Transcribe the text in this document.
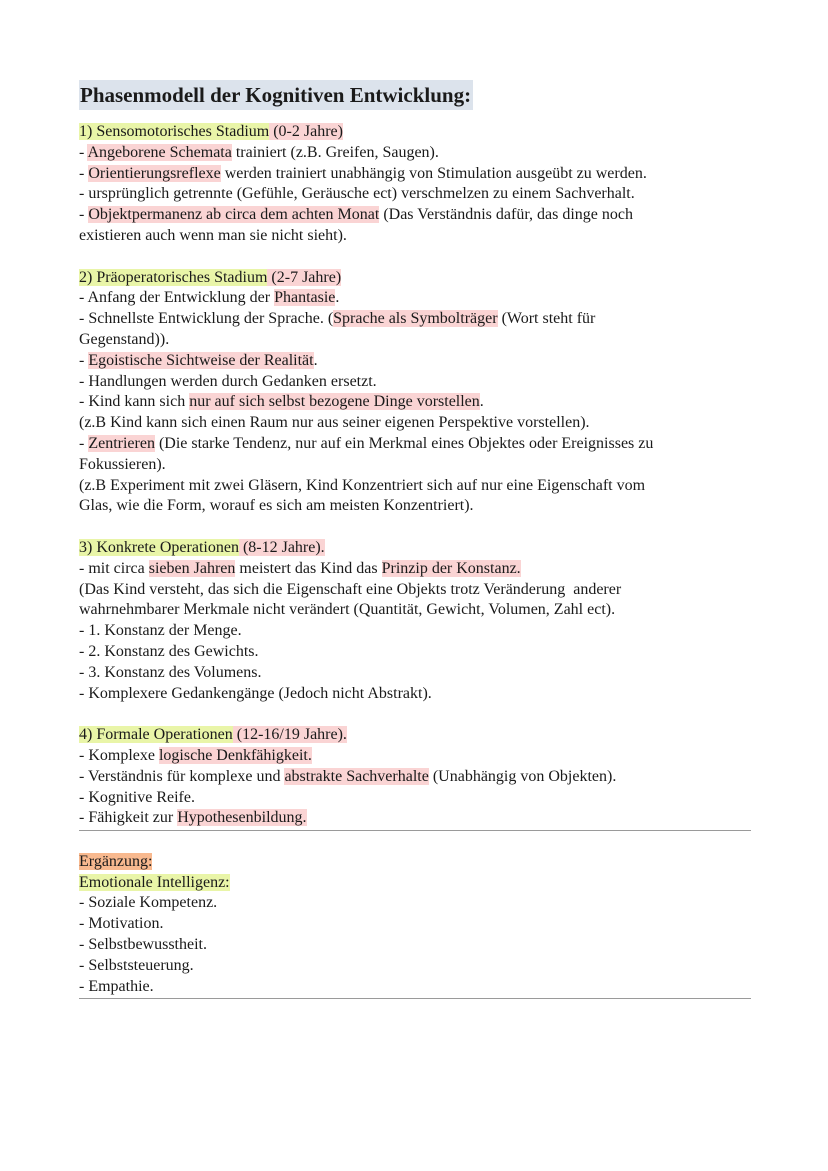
Phasenmodell der Kognitiven Entwicklung:
1) Sensomotorisches Stadium (0-2 Jahre)
- Angeborene Schemata trainiert (z.B. Greifen, Saugen).
- Orientierungsreflexe werden trainiert unabhängig von Stimulation ausgeübt zu werden.
- ursprünglich getrennte (Gefühle, Geräusche ect) verschmelzen zu einem Sachverhalt.
- Objektpermanenz ab circa dem achten Monat (Das Verständnis dafür, das dinge noch
existieren auch wenn man sie nicht sieht).
2) Präoperatorisches Stadium (2-7 Jahre)
- Anfang der Entwicklung der Phantasie.
- Schnellste Entwicklung der Sprache. (Sprache als Symbolträger (Wort steht für
Gegenstand)).
- Egoistische Sichtweise der Realität.
- Handlungen werden durch Gedanken ersetzt.
- Kind kann sich nur auf sich selbst bezogene Dinge vorstellen.
(z.B Kind kann sich einen Raum nur aus seiner eigenen Perspektive vorstellen).
- Zentrieren (Die starke Tendenz, nur auf ein Merkmal eines Objektes oder Ereignisses zu
Fokussieren).
(z.B Experiment mit zwei Gläsern, Kind Konzentriert sich auf nur eine Eigenschaft vom
Glas, wie die Form, worauf es sich am meisten Konzentriert).
3) Konkrete Operationen (8-12 Jahre).
- mit circa sieben Jahren meistert das Kind das Prinzip der Konstanz.
(Das Kind versteht, das sich die Eigenschaft eine Objekts trotz Veränderung  anderer
wahrnehmbarer Merkmale nicht verändert (Quantität, Gewicht, Volumen, Zahl ect).
- 1. Konstanz der Menge.
- 2. Konstanz des Gewichts.
- 3. Konstanz des Volumens.
- Komplexere Gedankengänge (Jedoch nicht Abstrakt).
4) Formale Operationen (12-16/19 Jahre).
- Komplexe logische Denkfähigkeit.
- Verständnis für komplexe und abstrakte Sachverhalte (Unabhängig von Objekten).
- Kognitive Reife.
- Fähigkeit zur Hypothesenbildung.
Ergänzung:
Emotionale Intelligenz:
- Soziale Kompetenz.
- Motivation.
- Selbstbewusstheit.
- Selbststeuerung.
- Empathie.
